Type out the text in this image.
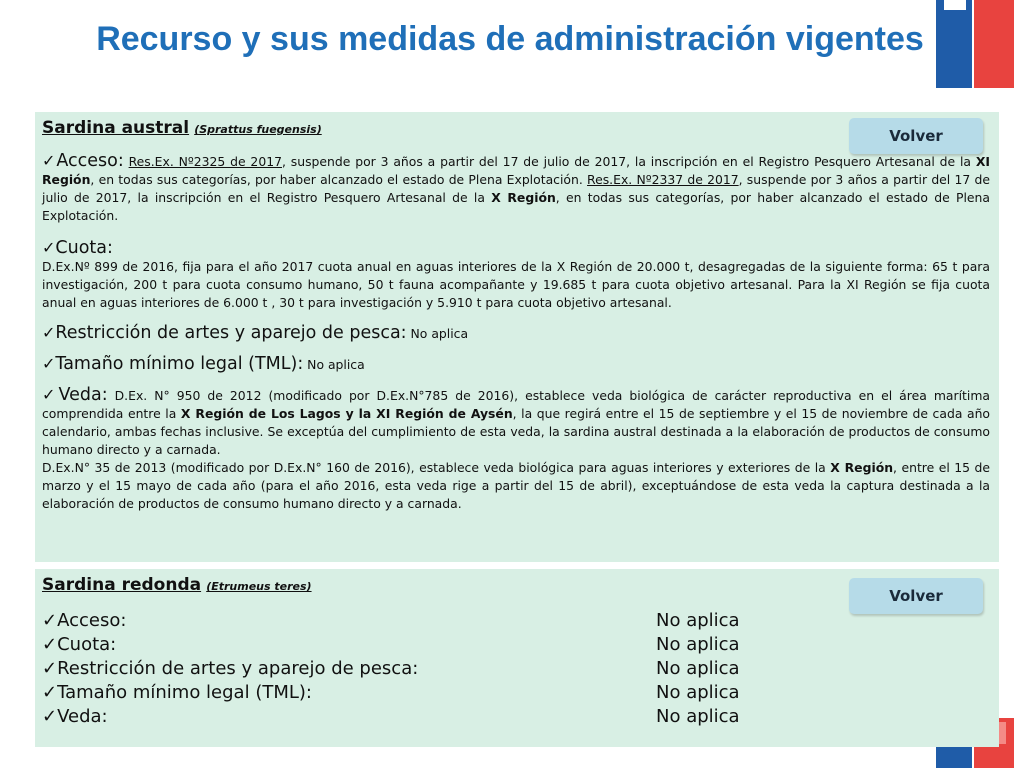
Recurso y sus medidas de administración vigentes
Sardina austral (Sprattus fuegensis)	Volver
✓Acceso: Res.Ex. Nº2325 de 2017, suspende por 3 años a partir del 17 de julio de 2017, la inscripción en el Registro Pesquero Artesanal de la XI Región, en todas sus categorías, por haber alcanzado el estado de Plena Explotación. Res.Ex. Nº2337 de 2017, suspende por 3 años a partir del 17 de julio de 2017, la inscripción en el Registro Pesquero Artesanal de la X Región, en todas sus categorías, por haber alcanzado el estado de Plena Explotación.
✓Cuota:
D.Ex.Nº 899 de 2016, fija para el año 2017 cuota anual en aguas interiores de la X Región de 20.000 t, desagregadas de la siguiente forma: 65 t para investigación, 200 t para cuota consumo humano, 50 t fauna acompañante y 19.685 t para cuota objetivo artesanal. Para la XI Región se fija cuota anual en aguas interiores de 6.000 t , 30 t para investigación y 5.910 t para cuota objetivo artesanal.
✓Restricción de artes y aparejo de pesca: No aplica
✓Tamaño mínimo legal (TML): No aplica
✓Veda: D.Ex. N° 950 de 2012 (modificado por D.Ex.N°785 de 2016), establece veda biológica de carácter reproductiva en el área marítima comprendida entre la X Región de Los Lagos y la XI Región de Aysén, la que regirá entre el 15 de septiembre y el 15 de noviembre de cada año calendario, ambas fechas inclusive. Se exceptúa del cumplimiento de esta veda, la sardina austral destinada a la elaboración de productos de consumo humano directo y a carnada.
D.Ex.N° 35 de 2013 (modificado por D.Ex.N° 160 de 2016), establece veda biológica para aguas interiores y exteriores de la X Región, entre el 15 de marzo y el 15 mayo de cada año (para el año 2016, esta veda rige a partir del 15 de abril), exceptuándose de esta veda la captura destinada a la elaboración de productos de consumo humano directo y a carnada.
Sardina redonda (Etrumeus teres)
Volver
✓Acceso:	No aplica
✓Cuota:	No aplica
✓Restricción de artes y aparejo de pesca:	No aplica
✓Tamaño mínimo legal (TML):	No aplica
✓Veda:	No aplica
